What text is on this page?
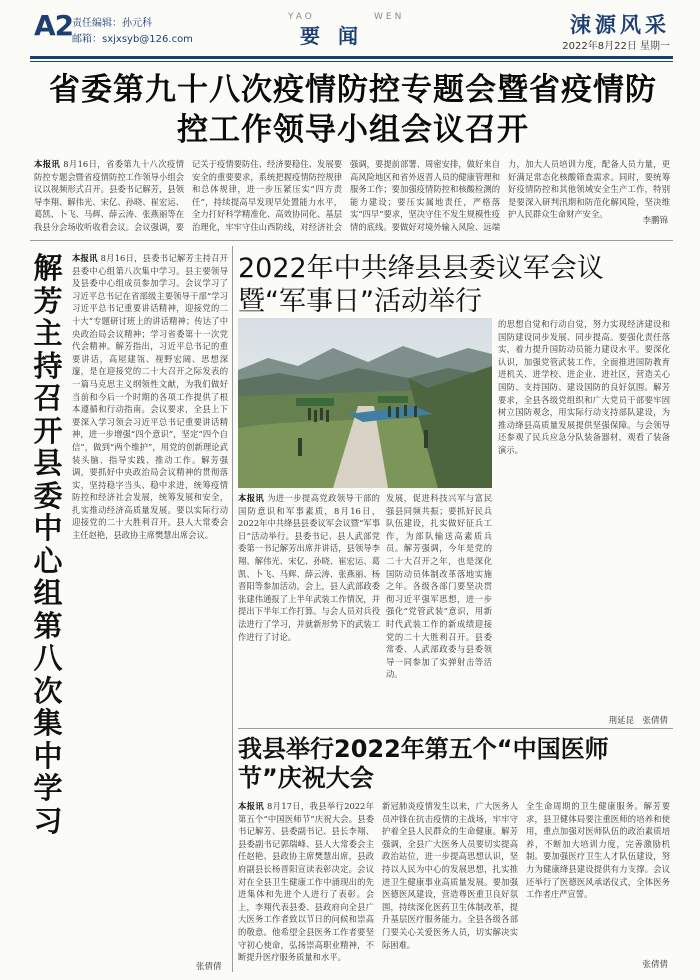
A2
责任编辑：孙元科
邮箱：sxjxsyb@126.com
YAO	WEN
要闻	涑源风采
2022年8月22日 星期一
省委第九十八次疫情防控专题会暨省疫情防控工作领导小组会议召开
本报讯 8月16日，省委第九十八次疫情防控专题会暨省疫情防控工作领导小组会议以视频形式召开。县委书记解芳，县领导李翔、解伟光、宋亿、孙晓、崔宏运、葛凯、卜飞、马辉、薛云涛、张燕丽等在我县分会场收听收看会议。会议强调，要
记关于疫情要防住、经济要稳住、发展要安全的重要要求，系统把握疫情防控规律和总体规律，进一步压紧压实“四方责任”，持续提高早发现早处置能力水平，全力打好科学精准化、高效协同化、基层治理化，牢牢守住山西防线，对经济社会
强调，要提前部署、周密安排，做好来自高风险地区和省外返晋人员的健康管理和服务工作；要加强疫情防控和核酸检测的能力建设；要压实属地责任，严格落实“四早”要求，坚决守住不发生规模性疫情的底线。要做好对境外输入风险、远端
力，加大人员培训力度，配备人员力量，更好满足常态化核酸筛查需求。同时，要统筹好疫情防控和其他领域安全生产工作，特别是要深入研判汛期和防范化解风险，坚决维护人民群众生命财产安全。
李鹏锦
解芳主持召开县委中心组第八次集中学习
本报讯 8月16日，县委书记解芳主持召开县委中心组第八次集中学习。县主要领导及县委中心组成员参加学习。会议学习了习近平总书记在省部级主要领导干部“学习习近平总书记重要讲话精神，迎接党的二十大”专题研讨班上的讲话精神；传达了中央政治局会议精神；学习省委第十一次党代会精神。解芳指出，习近平总书记的重要讲话，高屋建瓴、视野宏阔、思想深邃，是在迎接党的二十大召开之际发表的一篇马克思主义纲领性文献，为我们做好当前和今后一个时期的各项工作提供了根本遵循和行动指南。会议要求，全县上下要深入学习领会习近平总书记重要讲话精神，进一步增强“四个意识”，坚定“四个自信”，做到“两个维护”，用党的创新理论武装头脑、指导实践、推动工作。解芳强调，要抓好中央政治局会议精神的贯彻落实，坚持稳字当头、稳中求进，统筹疫情防控和经济社会发展，统筹发展和安全，扎实推动经济高质量发展。要以实际行动迎接党的二十大胜利召开。县人大常委会主任赵艳，县政协主席樊慧出席会议。
张倩倩
2022年中共绛县县委议军会议暨“军事日”活动举行
本报讯 为进一步提高党政领导干部的国防意识和军事素质，8月16日，2022年中共绛县县委议军会议暨“军事日”活动举行。县委书记、县人武部党委第一书记解芳出席并讲话，县领导李翔、解伟光、宋亿、孙晓、崔宏运、葛凯、卜飞、马辉、薛云涛、张燕丽、杨晋阳等参加活动。会上，县人武部政委张建伟通报了上半年武装工作情况，并提出下半年工作打算。与会人员对兵役法进行了学习，并就新形势下的武装工作进行了讨论。
发展，促进科技兴军与富民强县同频共振；要抓好民兵队伍建设，扎实做好征兵工作，为部队输送高素质兵员。解芳强调，今年是党的二十大召开之年，也是深化国防动员体制改革落地实施之年。各级各部门要坚决贯彻习近平强军思想，进一步强化“党管武装”意识，用新时代武装工作的新成绩迎接党的二十大胜利召开。县委常委、人武部政委与县委领导一同参加了实弹射击等活动。
的思想自觉和行动自觉，努力实现经济建设和国防建设同步发展、同步提高。要强化责任落实，着力提升国防动员能力建设水平。要深化认识，加强党管武装工作，全面推进国防教育进机关、进学校、进企业、进社区，营造关心国防、支持国防、建设国防的良好氛围。解芳要求，全县各级党组织和广大党员干部要牢固树立国防观念，用实际行动支持部队建设，为推动绛县高质量发展提供坚强保障。与会领导还参观了民兵应急分队装备器材，观看了装备演示。
荆延昆　张倩倩
我县举行2022年第五个“中国医师节”庆祝大会
本报讯 8月17日，我县举行2022年第五个“中国医师节”庆祝大会。县委书记解芳、县委副书记、县长李翔、县委副书记郭瑞峰、县人大常委会主任赵艳、县政协主席樊慧出席，县政府副县长杨晋阳宣读表彰决定。会议对在全县卫生健康工作中涌现出的先进集体和先进个人进行了表彰。会上，李翔代表县委、县政府向全县广大医务工作者致以节日的问候和崇高的敬意。他希望全县医务工作者要坚守初心使命，弘扬崇高职业精神，不断提升医疗服务质量和水平。
新冠肺炎疫情发生以来，广大医务人员冲锋在抗击疫情的主战场，牢牢守护着全县人民群众的生命健康。解芳强调，全县广大医务人员要切实提高政治站位，进一步提高思想认识，坚持以人民为中心的发展思想，扎实推进卫生健康事业高质量发展。要加强医德医风建设，营造尊医重卫良好氛围，持续深化医药卫生体制改革，提升基层医疗服务能力。全县各级各部门要关心关爱医务人员，切实解决实际困难。
全生命周期的卫生健康服务。解芳要求，县卫健体局要注重医师的培养和使用，重点加强对医师队伍的政治素质培养，不断加大培训力度，完善激励机制。要加强医疗卫生人才队伍建设，努力为健康绛县建设提供有力支撑。会议还举行了医德医风承诺仪式，全体医务工作者庄严宣誓。
张倩倩
